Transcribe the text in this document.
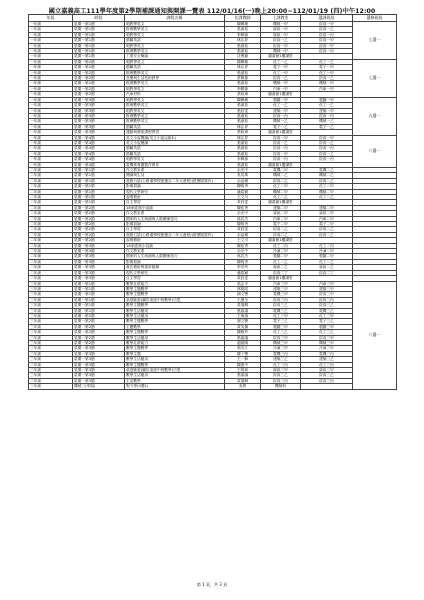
國立嘉義高工111學年度第2學期補課通知與開課一覽表 112/01/16(一)晚上20:00~112/01/19 (四)中午12:00
年級	時段	課程名稱	任課教師	上課教室	選課班級	選修班級
一年級	星期一第1節	明教學英文	陳珮珊	機械一甲	綜高一甲	七選一
一年級	星期一第1節	推理數學英文	張淑茹	資訊一甲	綜高一乙	
一年級	星期一第1節	明教學英文	李佩蓉	資訊一甲	綜高一丙	
一年級	星期一第1節	節屬英語	林弘昇	綜高一乙	綜高一甲	
一年級	星期一第1節	明教學英文	張淑茹	綜高一甲	綜高一甲	
一年級	星期一第1節	推理數學英文	張淑茹	機械一甲	綜高一丙	
一年級	星期一第1節	工業安全概論	沈俊穎	圖書館1樓講堂		
一年級	星期一第2節	明教學英文	陳珮珊	化工一乙	化工一乙	七選一
一年級	星期一第2節	節屬英語	林弘昇	電子一甲	電子一甲	
一年級	星期一第2節	推理數學英文	張淑茹	化工一甲	化工一甲	
一年級	星期一第2節	音樂與生活技術教學	蔡佩蓉	綜高一乙	綜高一乙	
一年級	星期一第2節	推理數學英文	張淑茹	機械一甲	機械一甲	
一年級	星期一第2節	明教學英文	李佩蓉	汽車一甲	汽車一甲	
一年級	星期一第2節	汽車材料	蔡政璋	圖書館1樓講堂		
一年級	星期一第3節	明教學英文	陳珮珊	製圖一甲	製圖一甲	五選一
一年級	星期一第3節	推理數學英文	張淑茹	化工一乙	化工一乙	
一年級	星期一第3節	明教學英文	張鈺雯	建築一甲	建築一甲	
一年級	星期一第3節	推理數學英文	張淑茹	綜高一丙	綜高一丙	
一年級	星期一第3節	推理數學英文	張淑茹	機械一乙	機械一乙	
一年級	星期一第3節	節屬英語	林弘昇	電子一乙	電子一乙	
一年級	星期一第3節	運動與藝術課程實習	蔡政璋	圖書館1樓講堂		
一年級	星期一第4節	英文小說閱讀(英文小說)(讀本)	林弘昇	綜高一甲	綜高一甲	六選一
一年級	星期一第4節	英文小說閱讀	張淑茹	綜高一乙	綜高一乙	
一年級	星期一第4節	節屬英語	張淑茹	綜高一丙	綜高一丙	
一年級	星期一第4節	節屬英語	張淑茹	綜高一甲	綜高一乙	
一年級	星期一第4節	明教學英文	李佩蓉	綜高一丙	綜高一丙	
一年級	星期一第4節	電機系專題製作實作	張淑茹	圖書館1樓講堂		
二年級	星期一第1節	作文教室系	余光中	電機二甲	電機二乙	
二年級	星期一第1節	閱讀與生活	吳英萬	機械二乙	機械二乙	
二年級	星期一第1節	進階日語(公路通學校甄選含二年元進程)(經歷版寫作)	余品蘋	綜高二乙	綜高二乙	
二年級	星期一第1節	影像寫讀	陳明秀	化工二甲	化工二甲	
二年級	星期一第1節	現代文學研究	潘姿穎	機械二甲	機械二甲	
二年級	星期一第1節	說唱藝術	王文川	化工二乙	化工二乙	
二年級	星期一第1節	自主學習	黃鈺雯	圖書館1樓講堂		
二年級	星期一第2節	18家經典小說讀	陳佳秀	建築二甲	建築二甲	
二年級	星期一第2節	作文教室系	余光中	資訊二甲	資訊二甲	
二年級	星期一第2節	國家的人生與創與人際關係技巧	孫武杰	汽車二甲	汽車二甲	
二年級	星期一第2節	影像寫讀	陳明秀	電子二甲	電子二甲	
二年級	星期一第2節	自主學習	黃鈺雯	綜高二乙	綜高二乙	
二年級	星期一第2節	進階日語(公路通學校甄選含二年元進程)(經歷版寫作)	余品蘋	綜高二乙	綜高二乙	
二年級	星期一第2節	說唱藝術	王文川	圖書館1樓講堂		
二年級	星期一第3節	18家經典小說讀	陳佳秀	化工二丙	化工二丙	
二年級	星期一第3節	作文教室系	余光中	冷凍二甲	冷凍二甲	
二年級	星期一第3節	國家的人生與創與人際關係技巧	孫武杰	製圖二甲	製圖二甲	
二年級	星期一第3節	影像寫讀	陳明秀	化工二乙	化工二乙	
二年級	星期一第3節	書法藝術與賞析臨摹	李芳玲	資訊二乙	資訊二乙	
二年級	星期一第3節	現代文學研究	潘姿穎	綜高二丁	綜高二丁	
二年級	星期一第3節	自主學習	黃鈺雯	圖書館1樓講堂		
三年級	星期一第1節	數學社群能力	梁志平	汽車三甲	汽車三甲	六選一
三年級	星期一第1節	數學主題數學	林明昭	建築三甲	建築三甲	
三年級	星期一第1節	數學主題數學	謝文豐	電機三甲	綜高三甲	
三年級	星期一第1節	桌遊歐遊(屬於桌遊中的數學)巧思	王總全	綜高三丙	綜高三丙	
三年級	星期一第1節	數學主題數學	黃瑞卿	綜高三乙	綜高三乙	
三年級	星期一第1節	數學生活應用	張嘉議	電機三乙	電機三乙	
三年級	星期一第2節	數學生活應用	王海濤	化工三甲	化工三甲	
三年級	星期一第2節	數學主題數學	謝文豐	電子三乙	電子三乙	
三年級	星期一第2節	主題數學	黃英傑	製圖三甲	製圖三甲	
三年級	星期一第2節	數學主題數學	陳雅玲	化工三乙	化工三乙	
三年級	星期一第2節	數學生活應用	張嘉議	綜高三甲	綜高三甲	
三年級	星期一第2節	數學社群能力	趙啟陽	機械三甲	機械三甲	
三年級	星期一第3節	數學主題數學	郭川江	冷凍三甲	冷凍三甲	
三年級	星期一第3節	數學主題	陳十豐	電機三丙	電機三丙	
三年級	星期一第3節	數學生活應用	王一賢	建築三乙	建築三乙	
三年級	星期一第3節	數學主題數學	陳建中	化工三丙	化工三丙	
三年級	星期一第3節	桌遊歐遊(屬於桌遊中的數學)巧思	王明和	資訊三甲	資訊三甲	
三年級	星期一第3節	數學生活應用	張嘉議	綜高三乙	綜高三乙	
三年級	星期一第3節	生活數學	黃瑞卿	綜高三丙	綜高三丙	
三年級	機械三(零組)	對力學(4選1)	吳異	機械科		
第 1 頁，共 3 頁
